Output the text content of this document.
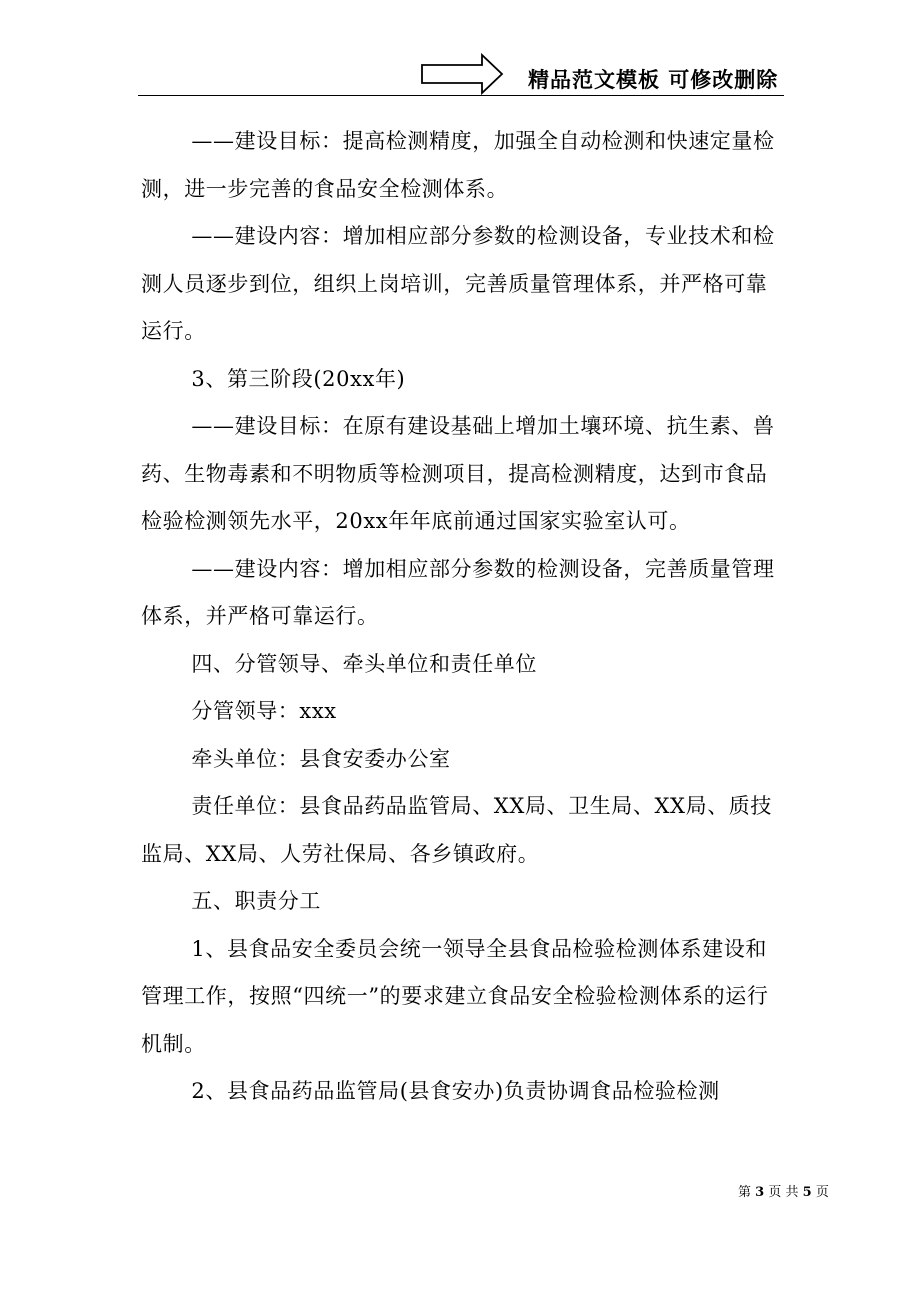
精品范文模板 可修改删除

——建设目标：提高检测精度，加强全自动检测和快速定量检测，进一步完善的食品安全检测体系。

——建设内容：增加相应部分参数的检测设备，专业技术和检测人员逐步到位，组织上岗培训，完善质量管理体系，并严格可靠运行。

3、第三阶段(20xx年)

——建设目标：在原有建设基础上增加土壤环境、抗生素、兽药、生物毒素和不明物质等检测项目，提高检测精度，达到市食品检验检测领先水平，20xx年年底前通过国家实验室认可。

——建设内容：增加相应部分参数的检测设备，完善质量管理体系，并严格可靠运行。

四、分管领导、牵头单位和责任单位

分管领导：xxx

牵头单位：县食安委办公室

责任单位：县食品药品监管局、XX局、卫生局、XX局、质技监局、XX局、人劳社保局、各乡镇政府。

五、职责分工

1、县食品安全委员会统一领导全县食品检验检测体系建设和管理工作，按照“四统一”的要求建立食品安全检验检测体系的运行机制。

2、县食品药品监管局(县食安办)负责协调食品检验检测

第 3 页 共 5 页
